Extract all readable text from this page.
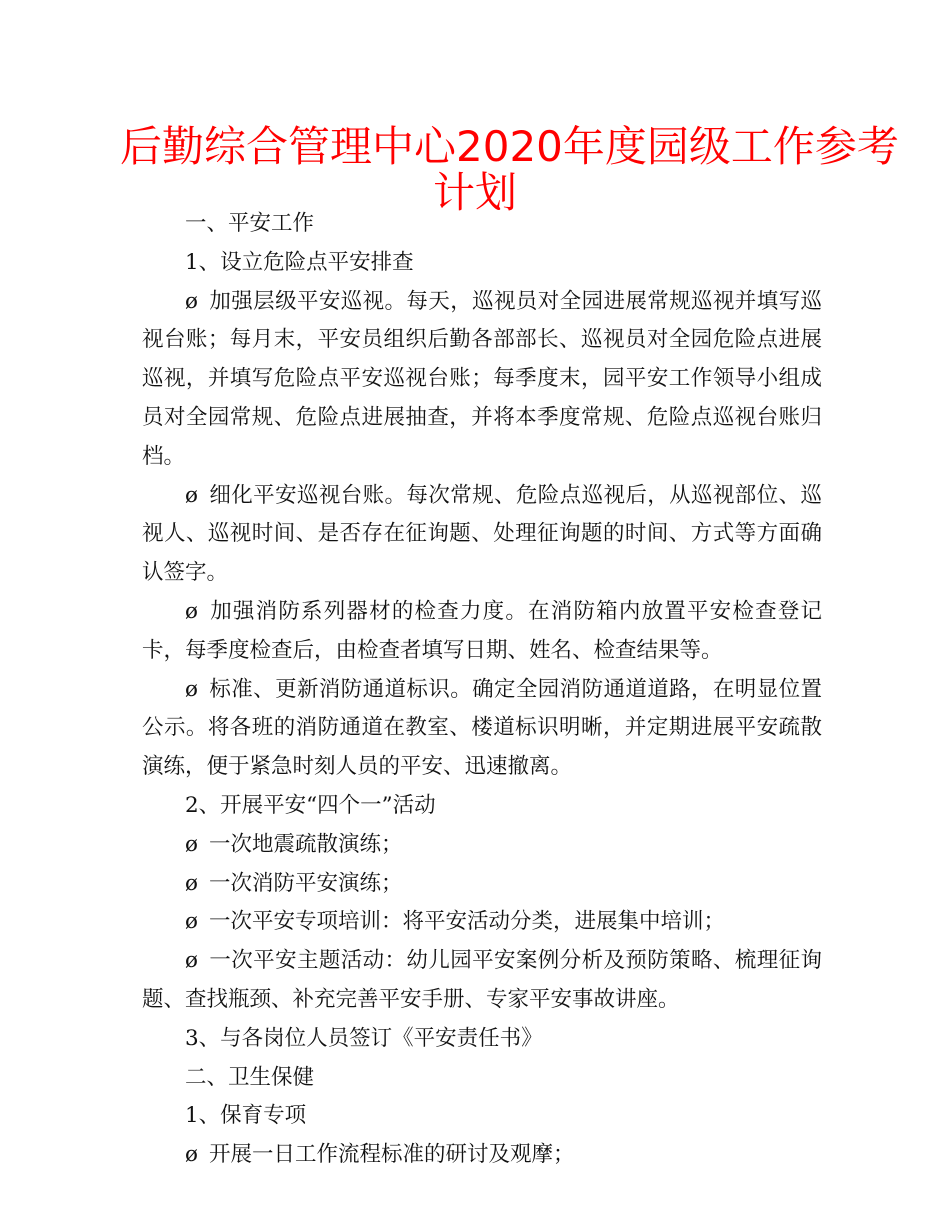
后勤综合管理中心2020年度园级工作参考
计划

一、平安工作

1、设立危险点平安排查

ø 加强层级平安巡视。每天，巡视员对全园进展常规巡视并填写巡视台账；每月末，平安员组织后勤各部部长、巡视员对全园危险点进展巡视，并填写危险点平安巡视台账；每季度末，园平安工作领导小组成员对全园常规、危险点进展抽查，并将本季度常规、危险点巡视台账归档。

ø 细化平安巡视台账。每次常规、危险点巡视后，从巡视部位、巡视人、巡视时间、是否存在征询题、处理征询题的时间、方式等方面确认签字。

ø 加强消防系列器材的检查力度。在消防箱内放置平安检查登记卡，每季度检查后，由检查者填写日期、姓名、检查结果等。

ø 标准、更新消防通道标识。确定全园消防通道道路，在明显位置公示。将各班的消防通道在教室、楼道标识明晰，并定期进展平安疏散演练，便于紧急时刻人员的平安、迅速撤离。

2、开展平安“四个一”活动

ø 一次地震疏散演练；

ø 一次消防平安演练；

ø 一次平安专项培训：将平安活动分类，进展集中培训；

ø 一次平安主题活动：幼儿园平安案例分析及预防策略、梳理征询题、查找瓶颈、补充完善平安手册、专家平安事故讲座。

3、与各岗位人员签订《平安责任书》

二、卫生保健

1、保育专项

ø 开展一日工作流程标准的研讨及观摩；
